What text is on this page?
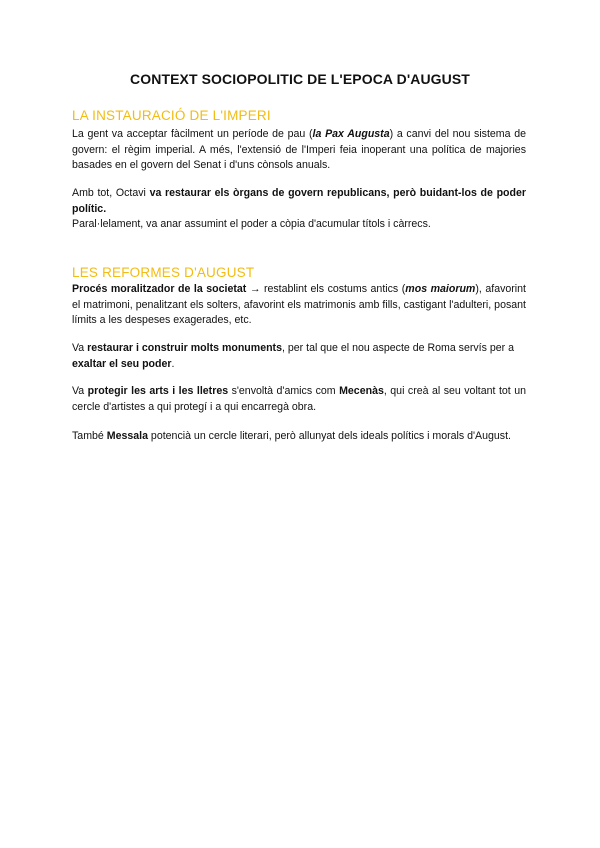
CONTEXT SOCIOPOLITIC DE L'EPOCA D'AUGUST
LA INSTAURACIÓ DE L'IMPERI
La gent va acceptar fàcilment un període de pau (la Pax Augusta) a canvi del nou sistema de govern: el règim imperial. A més, l'extensió de l'Imperi feia inoperant una política de majories basades en el govern del Senat i d'uns cònsols anuals.
Amb tot, Octavi va restaurar els òrgans de govern republicans, però buidant-los de poder polític.
Paral·lelament, va anar assumint el poder a còpia d'acumular títols i càrrecs.
LES REFORMES D'AUGUST
Procés moralitzador de la societat → restablint els costums antics (mos maiorum), afavorint el matrimoni, penalitzant els solters, afavorint els matrimonis amb fills, castigant l'adulteri, posant límits a les despeses exagerades, etc.
Va restaurar i construir molts monuments, per tal que el nou aspecte de Roma servís per a exaltar el seu poder.
Va protegir les arts i les lletres s'envoltà d'amics com Mecenàs, qui creà al seu voltant tot un cercle d'artistes a qui protegí i a qui encarregà obra.
També Messala potencià un cercle literari, però allunyat dels ideals polítics i morals d'August.
